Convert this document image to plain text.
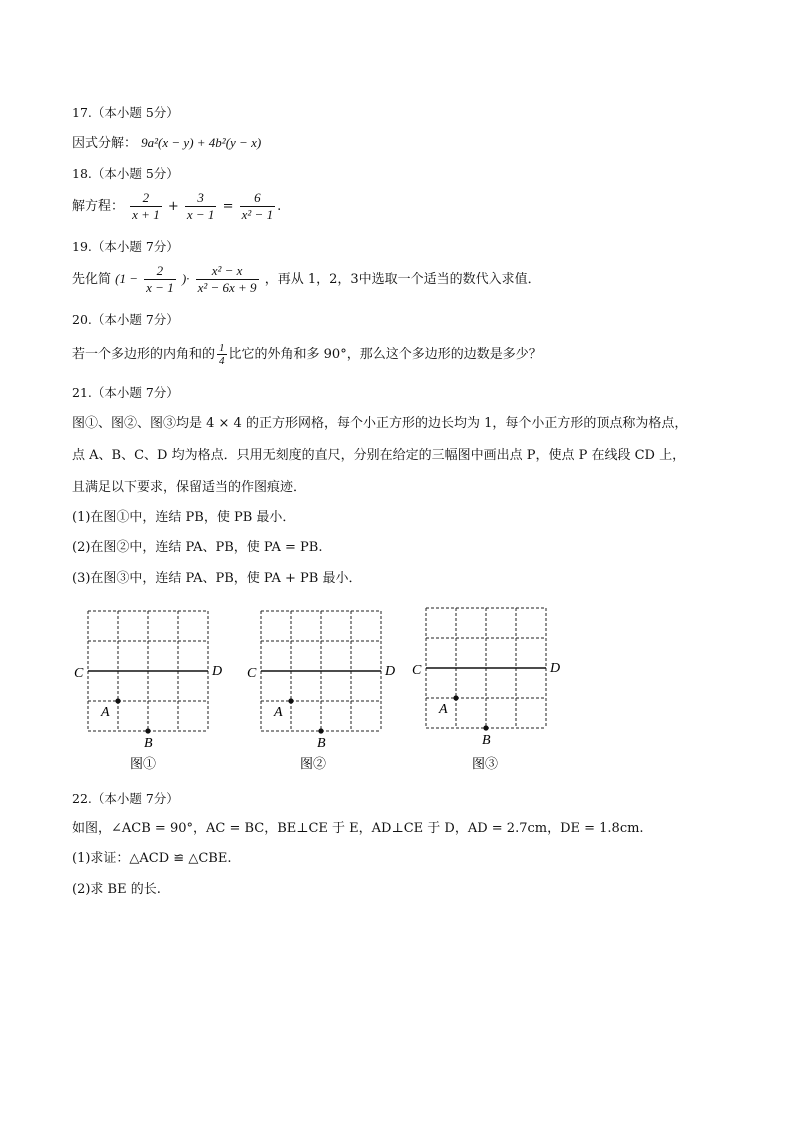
17.（本小题 5分）
因式分解： 9a²(x − y) + 4b²(y − x)
18.（本小题 5分）
解方程： $\frac{2}{x + 1} + \frac{3}{x - 1} = \frac{6}{\text{x² − 1}}$ .
19.（本小题 7分）
先化简 ($1 - \frac{2}{x - 1}$ )· $\frac{\text{x² − x}}{\text{x² − 6x + 9}}$ ，再从 1，2，3中选取一个适当的数代入求值．
20.（本小题 7分）
若一个多边形的内角和的 $\frac{1}{4}$ 比它的外角和多 90°，那么这个多边形的边数是多少？
21.（本小题 7分）
图①、图②、图③均是 4 × 4 的正方形网格，每个小正方形的边长均为 1，每个小正方形的顶点称为格点，
点 A、B、C、D 均为格点．只用无刻度的直尺，分别在给定的三幅图中画出点 P，使点 P 在线段 CD 上，
且满足以下要求，保留适当的作图痕迹．
(1)在图①中，连结 PB，使 PB 最小．
(2)在图②中，连结 PA、PB，使 PA = PB.
(3)在图③中，连结 PA、PB，使 PA + PB 最小．
C	D
A
B
图①
C	D
A
B
图②
C	D
A
B
图③
22.（本小题 7分）
如图，∠ACB = 90°，AC = BC，BE⊥CE 于 E，AD⊥CE 于 D，AD = 2.7cm，DE = 1.8cm.
(1)求证：△ACD ≌ △CBE.
(2)求 BE 的长.
